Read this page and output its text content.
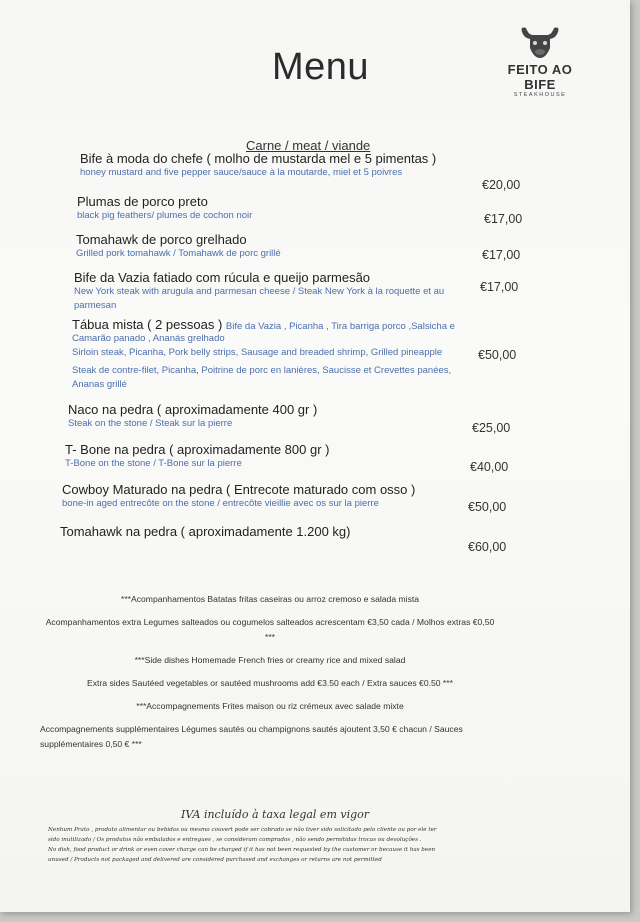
Menu	FEITO AO BIFE
STEAKHOUSE
Carne / meat / viande
Bife à moda do chefe ( molho de mustarda mel e 5 pimentas )
honey mustard and five pepper sauce/sauce à la moutarde, miel et 5 poivres
€20,00
Plumas de porco preto
black pig feathers/ plumes de cochon noir	€17,00
Tomahawk de porco grelhado
Grilled pork tomahawk / Tomahawk de porc grillé	€17,00
Bife da Vazia fatiado com rúcula e queijo parmesão
New York steak with arugula and parmesan cheese / Steak New York à la roquette et au
parmesan
€17,00
Tábua mista ( 2 pessoas ) Bife da Vazia , Picanha , Tira barriga porco ,Salsicha e
Camarão panado , Ananás grelhado
Sirloin steak, Picanha, Pork belly strips, Sausage and breaded shrimp, Grilled pineapple
Steak de contre-filet, Picanha, Poitrine de porc en lanières, Saucisse et Crevettes panées,
Ananas grillé
€50,00
Naco na pedra ( aproximadamente 400 gr )
Steak on the stone / Steak sur la pierre	€25,00
T- Bone na pedra ( aproximadamente 800 gr )
T-Bone on the stone / T-Bone sur la pierre	€40,00
Cowboy Maturado na pedra ( Entrecote maturado com osso )
bone-in aged entrecôte on the stone / entrecôte vieillie avec os sur la pierre	€50,00
Tomahawk na pedra ( aproximadamente 1.200 kg)
€60,00

***Acompanhamentos Batatas fritas caseiras ou arroz cremoso e salada mista

Acompanhamentos extra Legumes salteados ou cogumelos salteados acrescentam €3,50 cada / Molhos extras €0,50 ***

***Side dishes Homemade French fries or creamy rice and mixed salad

Extra sides Sautéed vegetables or sautéed mushrooms add €3.50 each / Extra sauces €0.50 ***

***Accompagnements Frites maison ou riz crémeux avec salade mixte

Accompagnements supplémentaires Légumes sautés ou champignons sautés ajoutent 3,50 € chacun / Sauces supplémentaires 0,50 € ***

IVA incluído à taxa legal em vigor
Nenhum Prato , produto alimentar ou bebidas ou mesmo couvert pode ser cobrado se não tiver sido solicitado pelo cliente ou por ele ter
sido inutilizado / Os produtos não embalados e entregues , se consideram comprados , não sendo permitidas trocas ou devoluções .
No dish, food product or drink or even cover charge can be charged if it has not been requested by the customer or because it has been
unused / Products not packaged and delivered are considered purchased and exchanges or returns are not permitted
